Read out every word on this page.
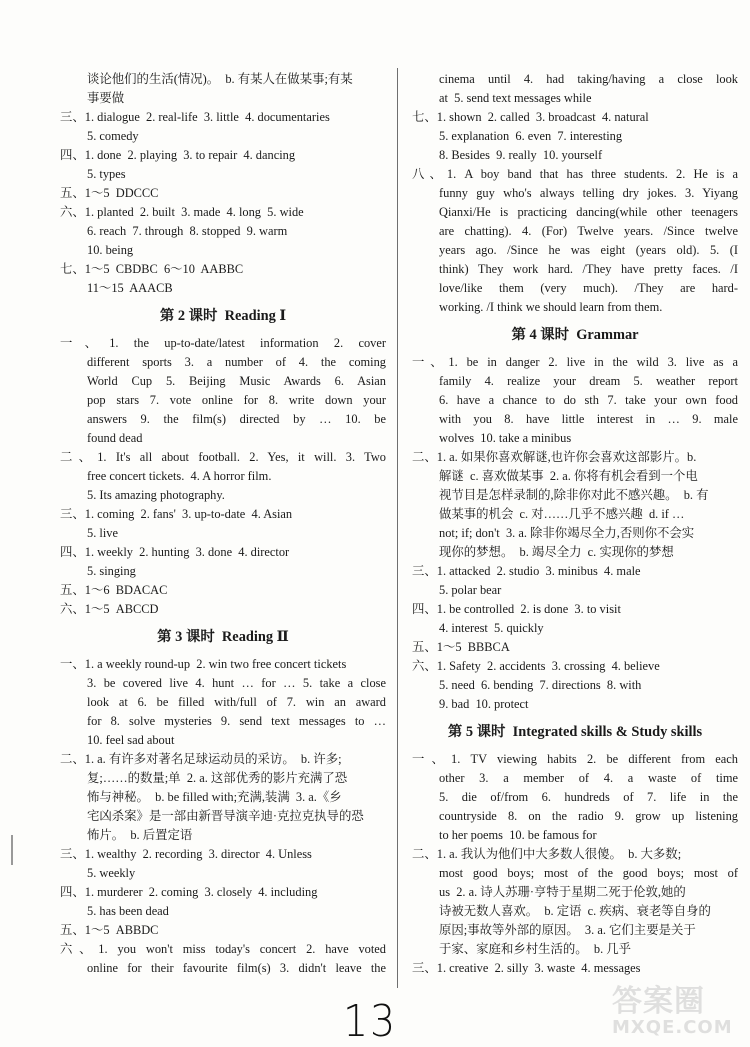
谈论他们的生活(情况)。  b. 有某人在做某事;有某
事要做
三、1. dialogue  2. real-life  3. little  4. documentaries
5. comedy
四、1. done  2. playing  3. to repair  4. dancing
5. types
五、1～5  DDCCC
六、1. planted  2. built  3. made  4. long  5. wide
6. reach  7. through  8. stopped  9. warm
10. being
七、1～5  CBDBC  6～10  AABBC
11～15  AAACB
第 2 课时  Reading Ⅰ
一、1. the up-to-date/latest information 2. cover
different sports 3. a number of 4. the coming
World Cup 5. Beijing Music Awards 6. Asian
pop stars 7. vote online for 8. write down your
answers 9. the film(s) directed by … 10. be
found dead
二、1. It's all about football. 2. Yes, it will. 3. Two
free concert tickets.  4. A horror film.
5. Its amazing photography.
三、1. coming  2. fans'  3. up-to-date  4. Asian
5. live
四、1. weekly  2. hunting  3. done  4. director
5. singing
五、1～6  BDACAC
六、1～5  ABCCD
第 3 课时  Reading Ⅱ
一、1. a weekly round-up  2. win two free concert tickets
3. be covered live 4. hunt … for … 5. take a close
look at 6. be filled with/full of 7. win an award
for 8. solve mysteries 9. send text messages to …
10. feel sad about
二、1. a. 有许多对著名足球运动员的采访。  b. 许多;
复;……的数量;单  2. a. 这部优秀的影片充满了恐
怖与神秘。  b. be filled with;充满,装满  3. a.《乡
宅凶杀案》是一部由新晋导演辛迪·克拉克执导的恐
怖片。  b. 后置定语
三、1. wealthy  2. recording  3. director  4. Unless
5. weekly
四、1. murderer  2. coming  3. closely  4. including
5. has been dead
五、1～5  ABBDC
六、1. you won't miss today's concert 2. have voted
online for their favourite film(s) 3. didn't leave the
cinema until 4. had taking/having a close look
at  5. send text messages while
七、1. shown  2. called  3. broadcast  4. natural
5. explanation  6. even  7. interesting
8. Besides  9. really  10. yourself
八、1. A boy band that has three students. 2. He is a
funny guy who's always telling dry jokes. 3. Yiyang
Qianxi/He is practicing dancing(while other teenagers
are chatting). 4. (For) Twelve years. /Since twelve
years ago. /Since he was eight (years old). 5. (I
think) They work hard. /They have pretty faces. /I
love/like them (very much). /They are hard-
working. /I think we should learn from them.
第 4 课时  Grammar
一、1. be in danger 2. live in the wild 3. live as a
family 4. realize your dream 5. weather report
6. have a chance to do sth 7. take your own food
with you 8. have little interest in … 9. male
wolves  10. take a minibus
二、1. a. 如果你喜欢解谜,也许你会喜欢这部影片。b.
解谜  c. 喜欢做某事  2. a. 你将有机会看到一个电
视节目是怎样录制的,除非你对此不感兴趣。  b. 有
做某事的机会  c. 对……几乎不感兴趣  d. if …
not; if; don't  3. a. 除非你竭尽全力,否则你不会实
现你的梦想。  b. 竭尽全力  c. 实现你的梦想
三、1. attacked  2. studio  3. minibus  4. male
5. polar bear
四、1. be controlled  2. is done  3. to visit
4. interest  5. quickly
五、1～5  BBBCA
六、1. Safety  2. accidents  3. crossing  4. believe
5. need  6. bending  7. directions  8. with
9. bad  10. protect
第 5 课时  Integrated skills & Study skills
一、1. TV viewing habits 2. be different from each
other 3. a member of 4. a waste of time
5. die of/from 6. hundreds of 7. life in the
countryside 8. on the radio 9. grow up listening
to her poems  10. be famous for
二、1. a. 我认为他们中大多数人很傻。  b. 大多数;
most good boys; most of the good boys; most of
us  2. a. 诗人苏珊·亨特于星期二死于伦敦,她的
诗被无数人喜欢。  b. 定语  c. 疾病、衰老等自身的
原因;事故等外部的原因。  3. a. 它们主要是关于
于家、家庭和乡村生活的。  b. 几乎
三、1. creative  2. silly  3. waste  4. messages
13	答案圈
MXQE.COM
